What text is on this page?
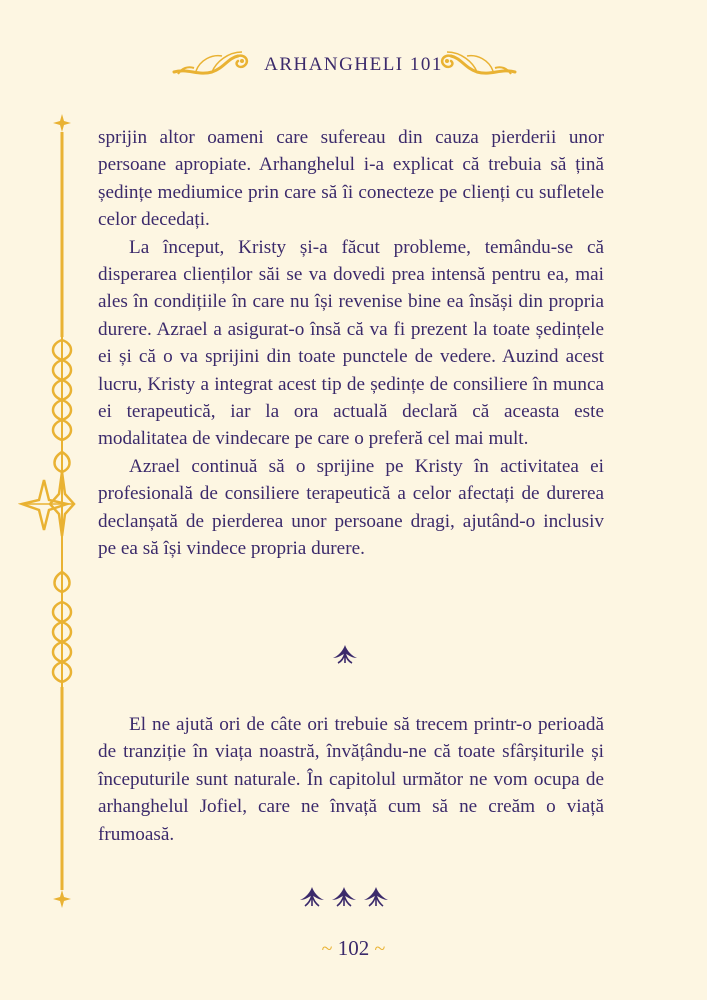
ARHANGHELI 101

sprijin altor oameni care sufereau din cauza pierderii unor persoane apropiate. Arhanghelul i-a explicat că trebuia să țină ședințe mediumice prin care să îi conecteze pe clienți cu sufletele celor decedați.

La început, Kristy și-a făcut probleme, temându-se că disperarea clienților săi se va dovedi prea intensă pentru ea, mai ales în condițiile în care nu își revenise bine ea însăși din propria durere. Azrael a asigurat-o însă că va fi prezent la toate ședințele ei și că o va sprijini din toate punctele de vedere. Auzind acest lucru, Kristy a integrat acest tip de ședințe de consiliere în munca ei terapeutică, iar la ora actuală declară că aceasta este modalitatea de vindecare pe care o preferă cel mai mult.

Azrael continuă să o sprijine pe Kristy în activitatea ei profesională de consiliere terapeutică a celor afectați de durerea declanșată de pierderea unor persoane dragi, ajutând-o inclusiv pe ea să își vindece propria durere.

El ne ajută ori de câte ori trebuie să trecem printr-o perioadă de tranziție în viața noastră, învățându-ne că toate sfârșiturile și începuturile sunt naturale. În capitolul următor ne vom ocupa de arhanghelul Jofiel, care ne învață cum să ne creăm o viață frumoasă.

~ 102 ~
